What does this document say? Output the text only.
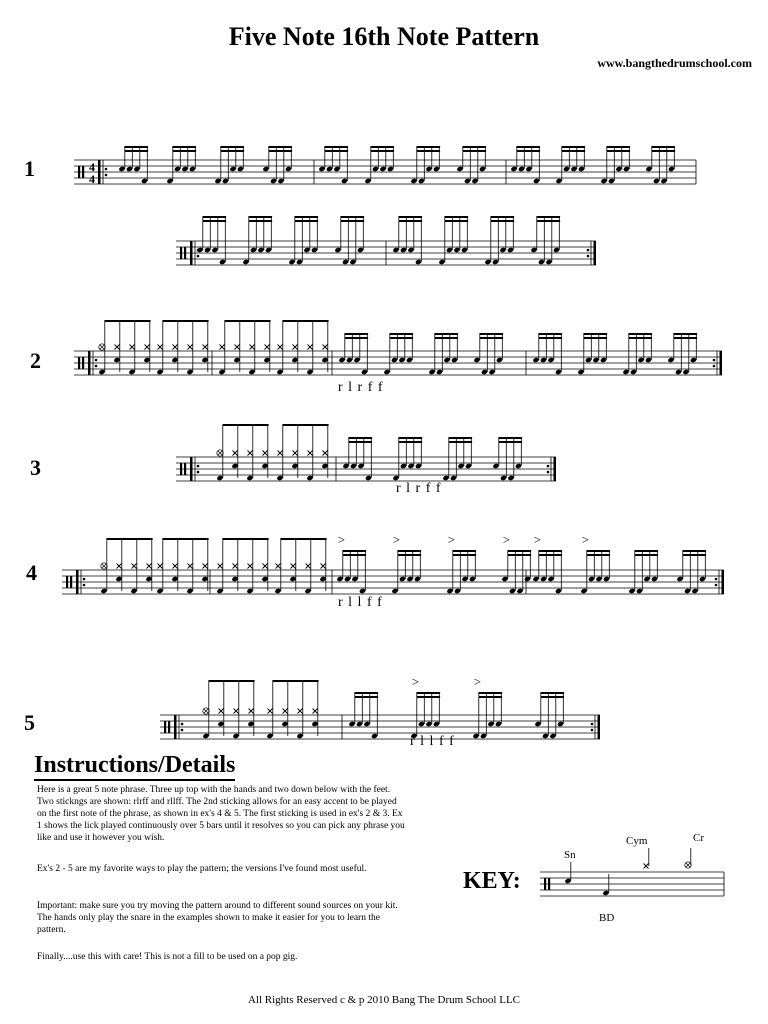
Five Note 16th Note Pattern
www.bangthedrumschool.com
1
2
3
4
5
4
4
>	>	>	> >	>
>	>
r l r f f
r l r f f
r l l f f
r l l f f
Instructions/Details

Here is a great 5 note phrase. Three up top with the hands and two down below with the feet. Two stickngs are shown: rlrff and rllff. The 2nd sticking allows for an easy accent to be played on the first note of the phrase, as shown in ex's 4 & 5. The first sticking is used in ex's 2 & 3. Ex 1 shows the lick played continuously over 5 bars until it resolves so you can pick any phrase you like and use it however you wish.

Ex's 2 - 5 are my favorite ways to play the pattern; the versions I've found most useful.

Important: make sure you try moving the pattern around to different sound sources on your kit. The hands only play the snare in the examples shown to make it easier for you to learn the pattern.

Finally....use this with care! This is not a fill to be used on a pop gig.

KEY:
Sn
Cym	Cr
BD
All Rights Reserved c & p 2010 Bang The Drum School LLC
